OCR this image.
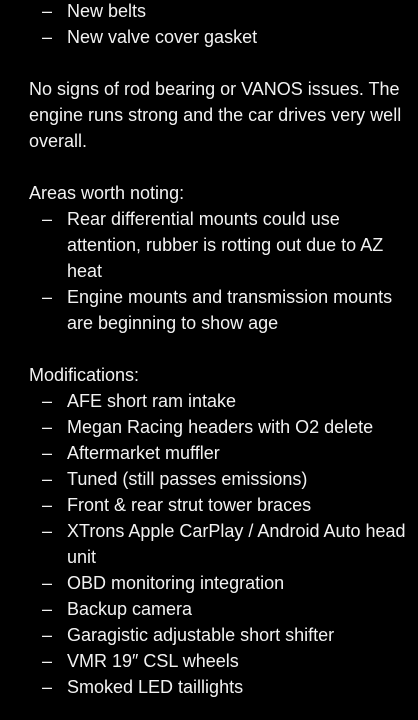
– New belts
– New valve cover gasket

No signs of rod bearing or VANOS issues. The engine runs strong and the car drives very well overall.

Areas worth noting:

– Rear differential mounts could use attention, rubber is rotting out due to AZ heat
– Engine mounts and transmission mounts are beginning to show age

Modifications:

– AFE short ram intake
– Megan Racing headers with O2 delete
– Aftermarket muffler
– Tuned (still passes emissions)
– Front & rear strut tower braces
– XTrons Apple CarPlay / Android Auto head unit
– OBD monitoring integration
– Backup camera
– Garagistic adjustable short shifter
– VMR 19″ CSL wheels
– Smoked LED taillights
